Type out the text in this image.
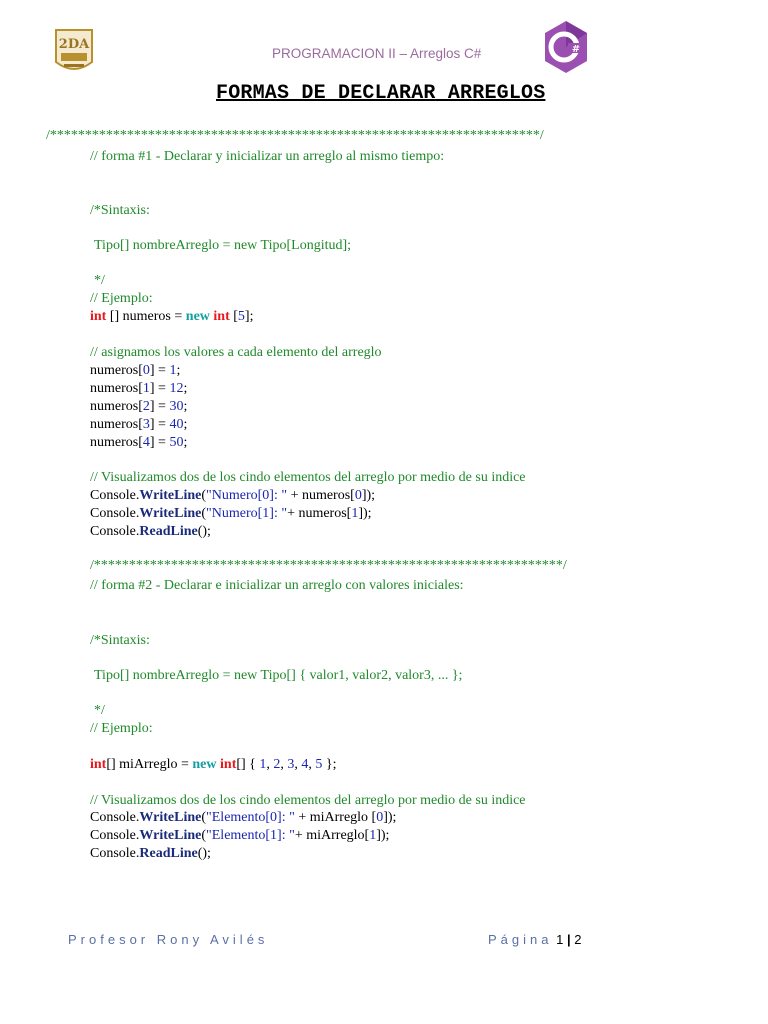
2DA
PROGRAMACION II – Arreglos C#	#
FORMAS DE DECLARAR ARREGLOS
/**********************************************************************/
// forma #1 - Declarar y inicializar un arreglo al mismo tiempo:
/*Sintaxis:
Tipo[] nombreArreglo = new Tipo[Longitud];
*/
// Ejemplo:
int [] numeros = new int [5];
// asignamos los valores a cada elemento del arreglo
numeros[0] = 1;
numeros[1] = 12;
numeros[2] = 30;
numeros[3] = 40;
numeros[4] = 50;
// Visualizamos dos de los cindo elementos del arreglo por medio de su indice
Console.WriteLine("Numero[0]: " + numeros[0]);
Console.WriteLine("Numero[1]: "+ numeros[1]);
Console.ReadLine();
/*******************************************************************/
// forma #2 - Declarar e inicializar un arreglo con valores iniciales:
/*Sintaxis:
Tipo[] nombreArreglo = new Tipo[] { valor1, valor2, valor3, ... };
*/
// Ejemplo:
int[] miArreglo = new int[] { 1, 2, 3, 4, 5 };
// Visualizamos dos de los cindo elementos del arreglo por medio de su indice
Console.WriteLine("Elemento[0]: " + miArreglo [0]);
Console.WriteLine("Elemento[1]: "+ miArreglo[1]);
Console.ReadLine();
Profesor Rony Avilés	Página 1 | 2
